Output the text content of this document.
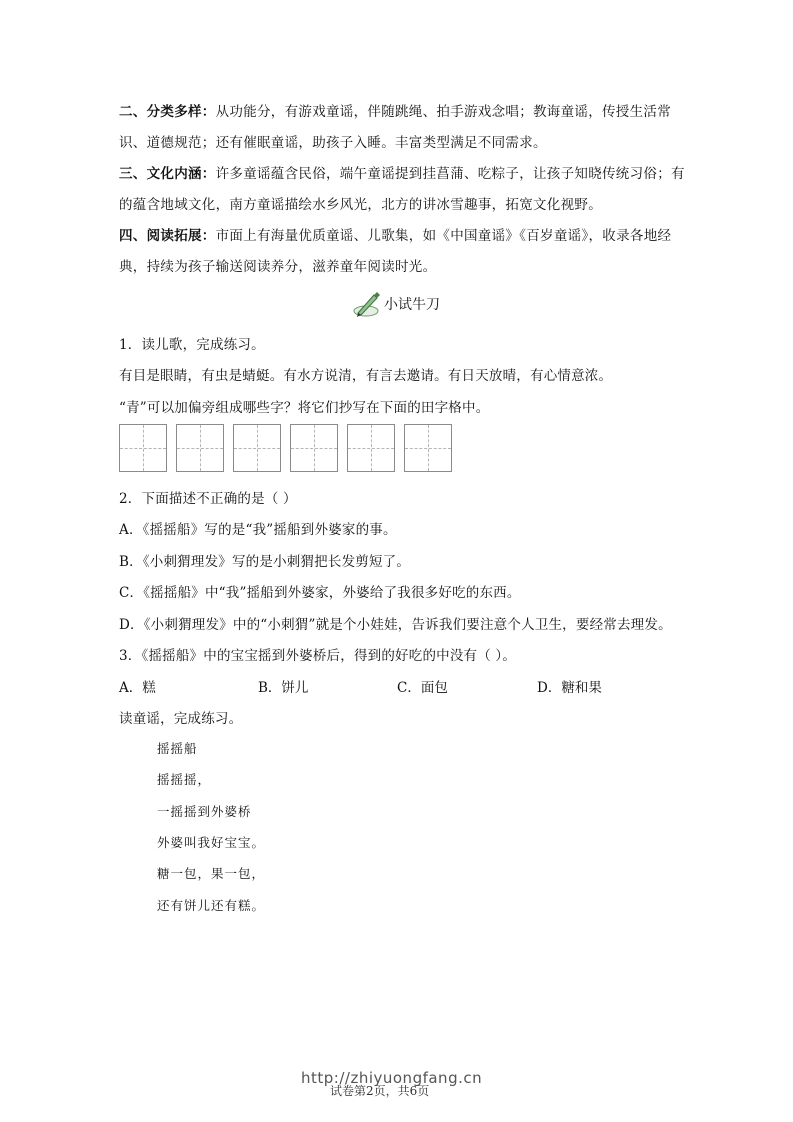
二、分类多样：从功能分，有游戏童谣，伴随跳绳、拍手游戏念唱；教诲童谣，传授生活常识、道德规范；还有催眠童谣，助孩子入睡。丰富类型满足不同需求。
三、文化内涵：许多童谣蕴含民俗，端午童谣提到挂菖蒲、吃粽子，让孩子知晓传统习俗；有的蕴含地域文化，南方童谣描绘水乡风光，北方的讲冰雪趣事，拓宽文化视野。
四、阅读拓展：市面上有海量优质童谣、儿歌集，如《中国童谣》《百岁童谣》，收录各地经典，持续为孩子输送阅读养分，滋养童年阅读时光。
小试牛刀
1．读儿歌，完成练习。
有目是眼睛，有虫是蜻蜓。有水方说清，有言去邀请。有日天放晴，有心情意浓。
“青”可以加偏旁组成哪些字？将它们抄写在下面的田字格中。
2．下面描述不正确的是（ ）
A．《摇摇船》写的是“我”摇船到外婆家的事。
B．《小刺猬理发》写的是小刺猬把长发剪短了。
C．《摇摇船》中“我”摇船到外婆家，外婆给了我很多好吃的东西。
D．《小刺猬理发》中的“小刺猬”就是个小娃娃，告诉我们要注意个人卫生，要经常去理发。
3．《摇摇船》中的宝宝摇到外婆桥后，得到的好吃的中没有（ ）。
A．糕	B．饼儿	C．面包	D．糖和果
读童谣，完成练习。
摇摇船
摇摇摇，
一摇摇到外婆桥
外婆叫我好宝宝。
糖一包，果一包，
还有饼儿还有糕。
试卷第2页，共6页
http://zhiyuongfang.cn
